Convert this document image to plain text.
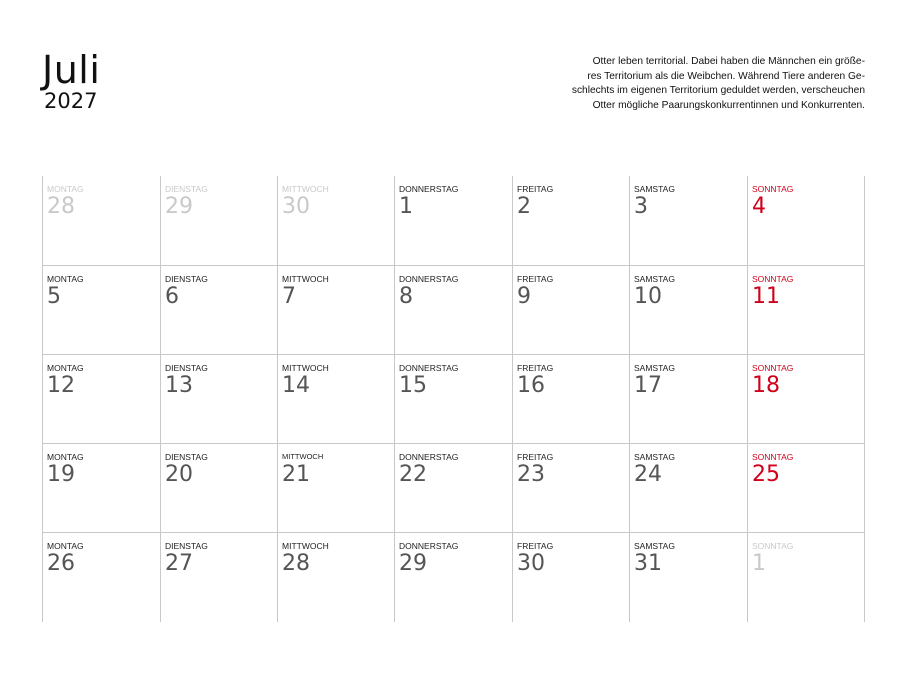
Juli
2027
Otter leben territorial. Dabei haben die Männchen ein größe-
res Territorium als die Weibchen. Während Tiere anderen Ge-
schlechts im eigenen Territorium geduldet werden, verscheuchen
Otter mögliche Paarungskonkurrentinnen und Konkurrenten.
MONTAG
28
DIENSTAG
29
MITTWOCH
30
DONNERSTAG
1
FREITAG
2
SAMSTAG
3
SONNTAG
4
MONTAG
5
DIENSTAG
6
MITTWOCH
7
DONNERSTAG
8
FREITAG
9
SAMSTAG
10
SONNTAG
11
MONTAG
12
DIENSTAG
13
MITTWOCH
14
DONNERSTAG
15
FREITAG
16
SAMSTAG
17
SONNTAG
18
MONTAG
19
DIENSTAG
20
MITTWOCH
21
DONNERSTAG
22
FREITAG
23
SAMSTAG
24
SONNTAG
25
MONTAG
26
DIENSTAG
27
MITTWOCH
28
DONNERSTAG
29
FREITAG
30
SAMSTAG
31
SONNTAG
1
